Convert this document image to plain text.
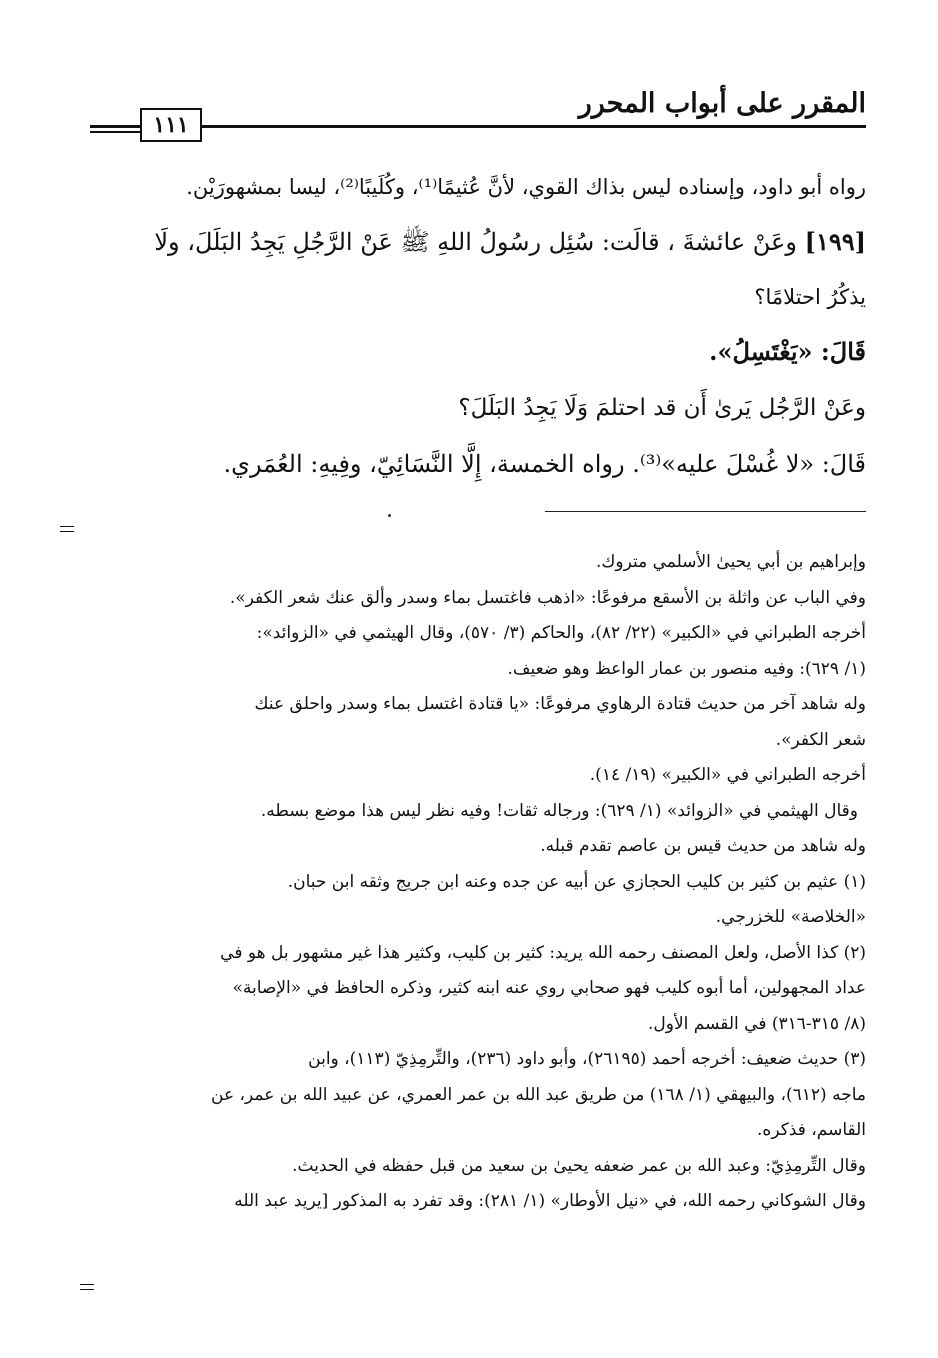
المقرر على أبواب المحرر
١١١

رواه أبو داود، وإسناده ليس بذاك القوي، لأنَّ عُثيمًا⁽¹⁾، وكُلَيبًا⁽²⁾، ليسا بمشهورَيْن.

[١٩٩] وعَنْ عائشةَ ، قالَت: سُئِل رسُولُ اللهِ ﷺ عَنْ الرَّجُلِ يَجِدُ البَلَلَ، ولَا

يذكُرُ احتلامًا؟

قَالَ: «يَغْتَسِلُ».

وعَنْ الرَّجُل يَرىٰ أَن قد احتلمَ وَلَا يَجِدُ البَلَلَ؟

قَالَ: «لا غُسْلَ عليه»⁽³⁾. رواه الخمسة، إِلَّا النَّسَائِيّ، وفِيهِ: العُمَري.

وإبراهيم بن أبي يحيىٰ الأسلمي متروك.

وفي الباب عن واثلة بن الأسقع مرفوعًا: «اذهب فاغتسل بماء وسدر وألق عنك شعر الكفر».

أخرجه الطبراني في «الكبير» (٢٢/ ٨٢)، والحاكم (٣/ ٥٧٠)، وقال الهيثمي في «الزوائد»:

(١/ ٦٢٩): وفيه منصور بن عمار الواعظ وهو ضعيف.

وله شاهد آخر من حديث قتادة الرهاوي مرفوعًا: «يا قتادة اغتسل بماء وسدر واحلق عنك

شعر الكفر».

أخرجه الطبراني في «الكبير» (١٩/ ١٤).

وقال الهيثمي في «الزوائد» (١/ ٦٢٩): ورجاله ثقات! وفيه نظر ليس هذا موضع بسطه.

وله شاهد من حديث قيس بن عاصم تقدم قبله.

(١) عثيم بن كثير بن كليب الحجازي عن أبيه عن جده وعنه ابن جريج وثقه ابن حبان.

«الخلاصة» للخزرجي.

(٢) كذا الأصل، ولعل المصنف رحمه الله يريد: كثير بن كليب، وكثير هذا غير مشهور بل هو في

عداد المجهولين، أما أبوه كليب فهو صحابي روي عنه ابنه كثير، وذكره الحافظ في «الإصابة»

(٨/ ٣١٥-٣١٦) في القسم الأول.

(٣) حديث ضعيف: أخرجه أحمد (٢٦١٩٥)، وأبو داود (٢٣٦)، والتِّرمِذِيّ (١١٣)، وابن

ماجه (٦١٢)، والبيهقي (١/ ١٦٨) من طريق عبد الله بن عمر العمري، عن عبيد الله بن عمر، عن

القاسم، فذكره.

وقال التِّرمِذِيّ: وعبد الله بن عمر ضعفه يحيىٰ بن سعيد من قبل حفظه في الحديث.

وقال الشوكاني رحمه الله، في «نيل الأوطار» (١/ ٢٨١): وقد تفرد به المذكور [يريد عبد الله
